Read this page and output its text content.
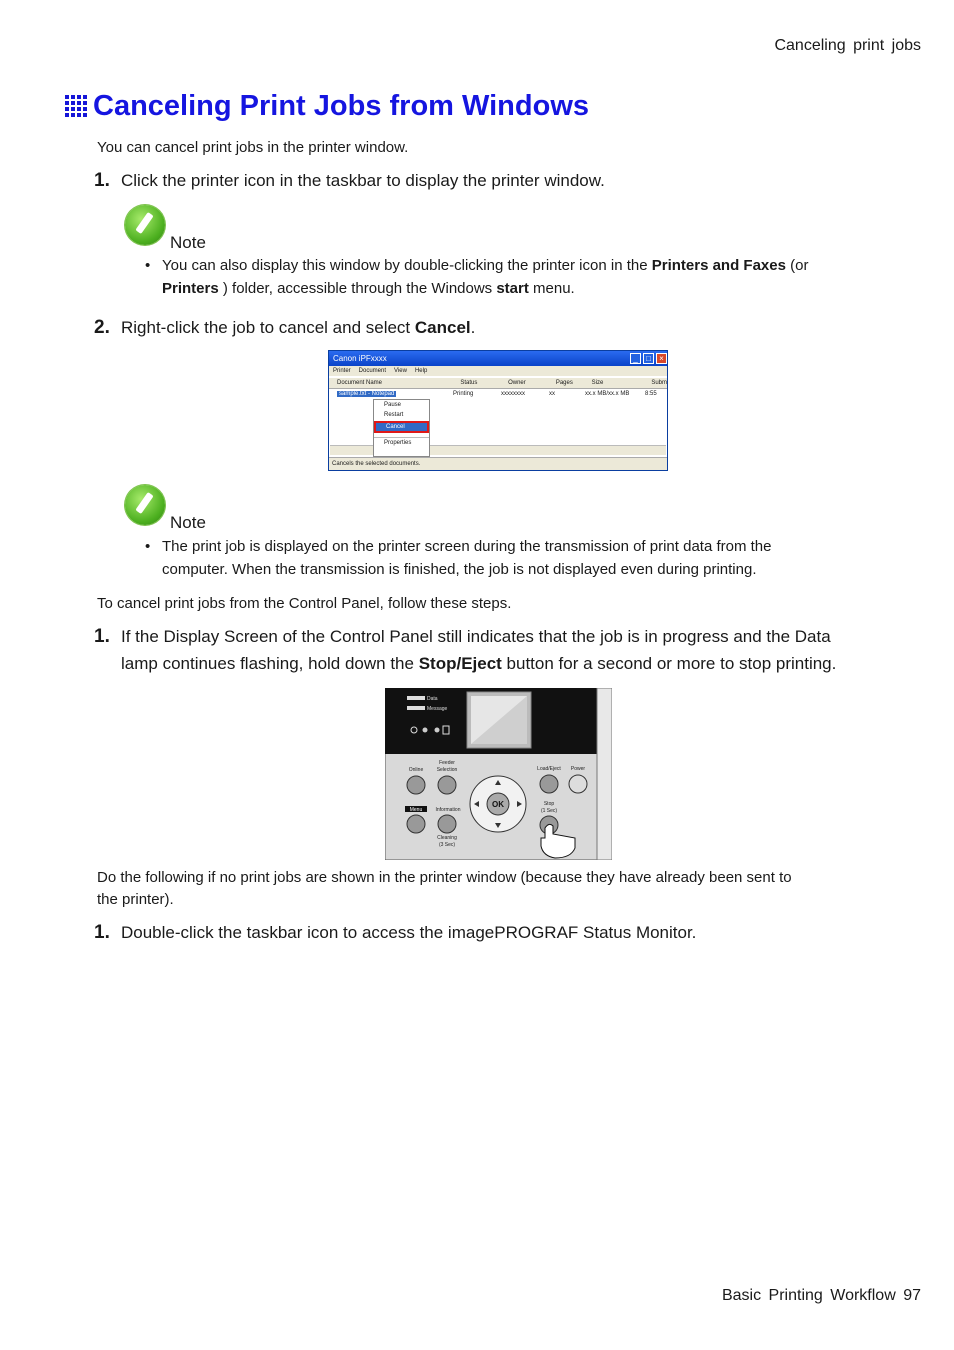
Canceling print jobs
Canceling Print Jobs from Windows
You can cancel print jobs in the printer window.
1. Click the printer icon in the taskbar to display the printer window.
Note
• You can also display this window by double-clicking the printer icon in the Printers and Faxes (or
Printers ) folder, accessible through the Windows start menu.
2. Right-click the job to cancel and select Cancel.
Canon iPFxxxx	_	□	×
Printer Document View Help
Document Name	Status	Owner	Pages	Size	Subm
sample.txt - Notepad	Printing	xxxxxxxx	xx	xx.x MB/xx.x MB	8:55
Cancels the selected documents.
Pause
Restart
Cancel
Properties
Note
• The print job is displayed on the printer screen during the transmission of print data from the
computer. When the transmission is finished, the job is not displayed even during printing.
To cancel print jobs from the Control Panel, follow these steps.
1. If the Display Screen of the Control Panel still indicates that the job is in progress and the Data
lamp continues flashing, hold down the Stop/Eject button for a second or more to stop printing.
Data
Message
Online
Feeder
Selection	Load/Eject Power
Menu	Information
Stop
(1 Sec)
Cleaning
(3 Sec)
OK
Do the following if no print jobs are shown in the printer window (because they have already been sent to
the printer).
1. Double-click the taskbar icon to access the imagePROGRAF Status Monitor.
Basic Printing Workflow 97
